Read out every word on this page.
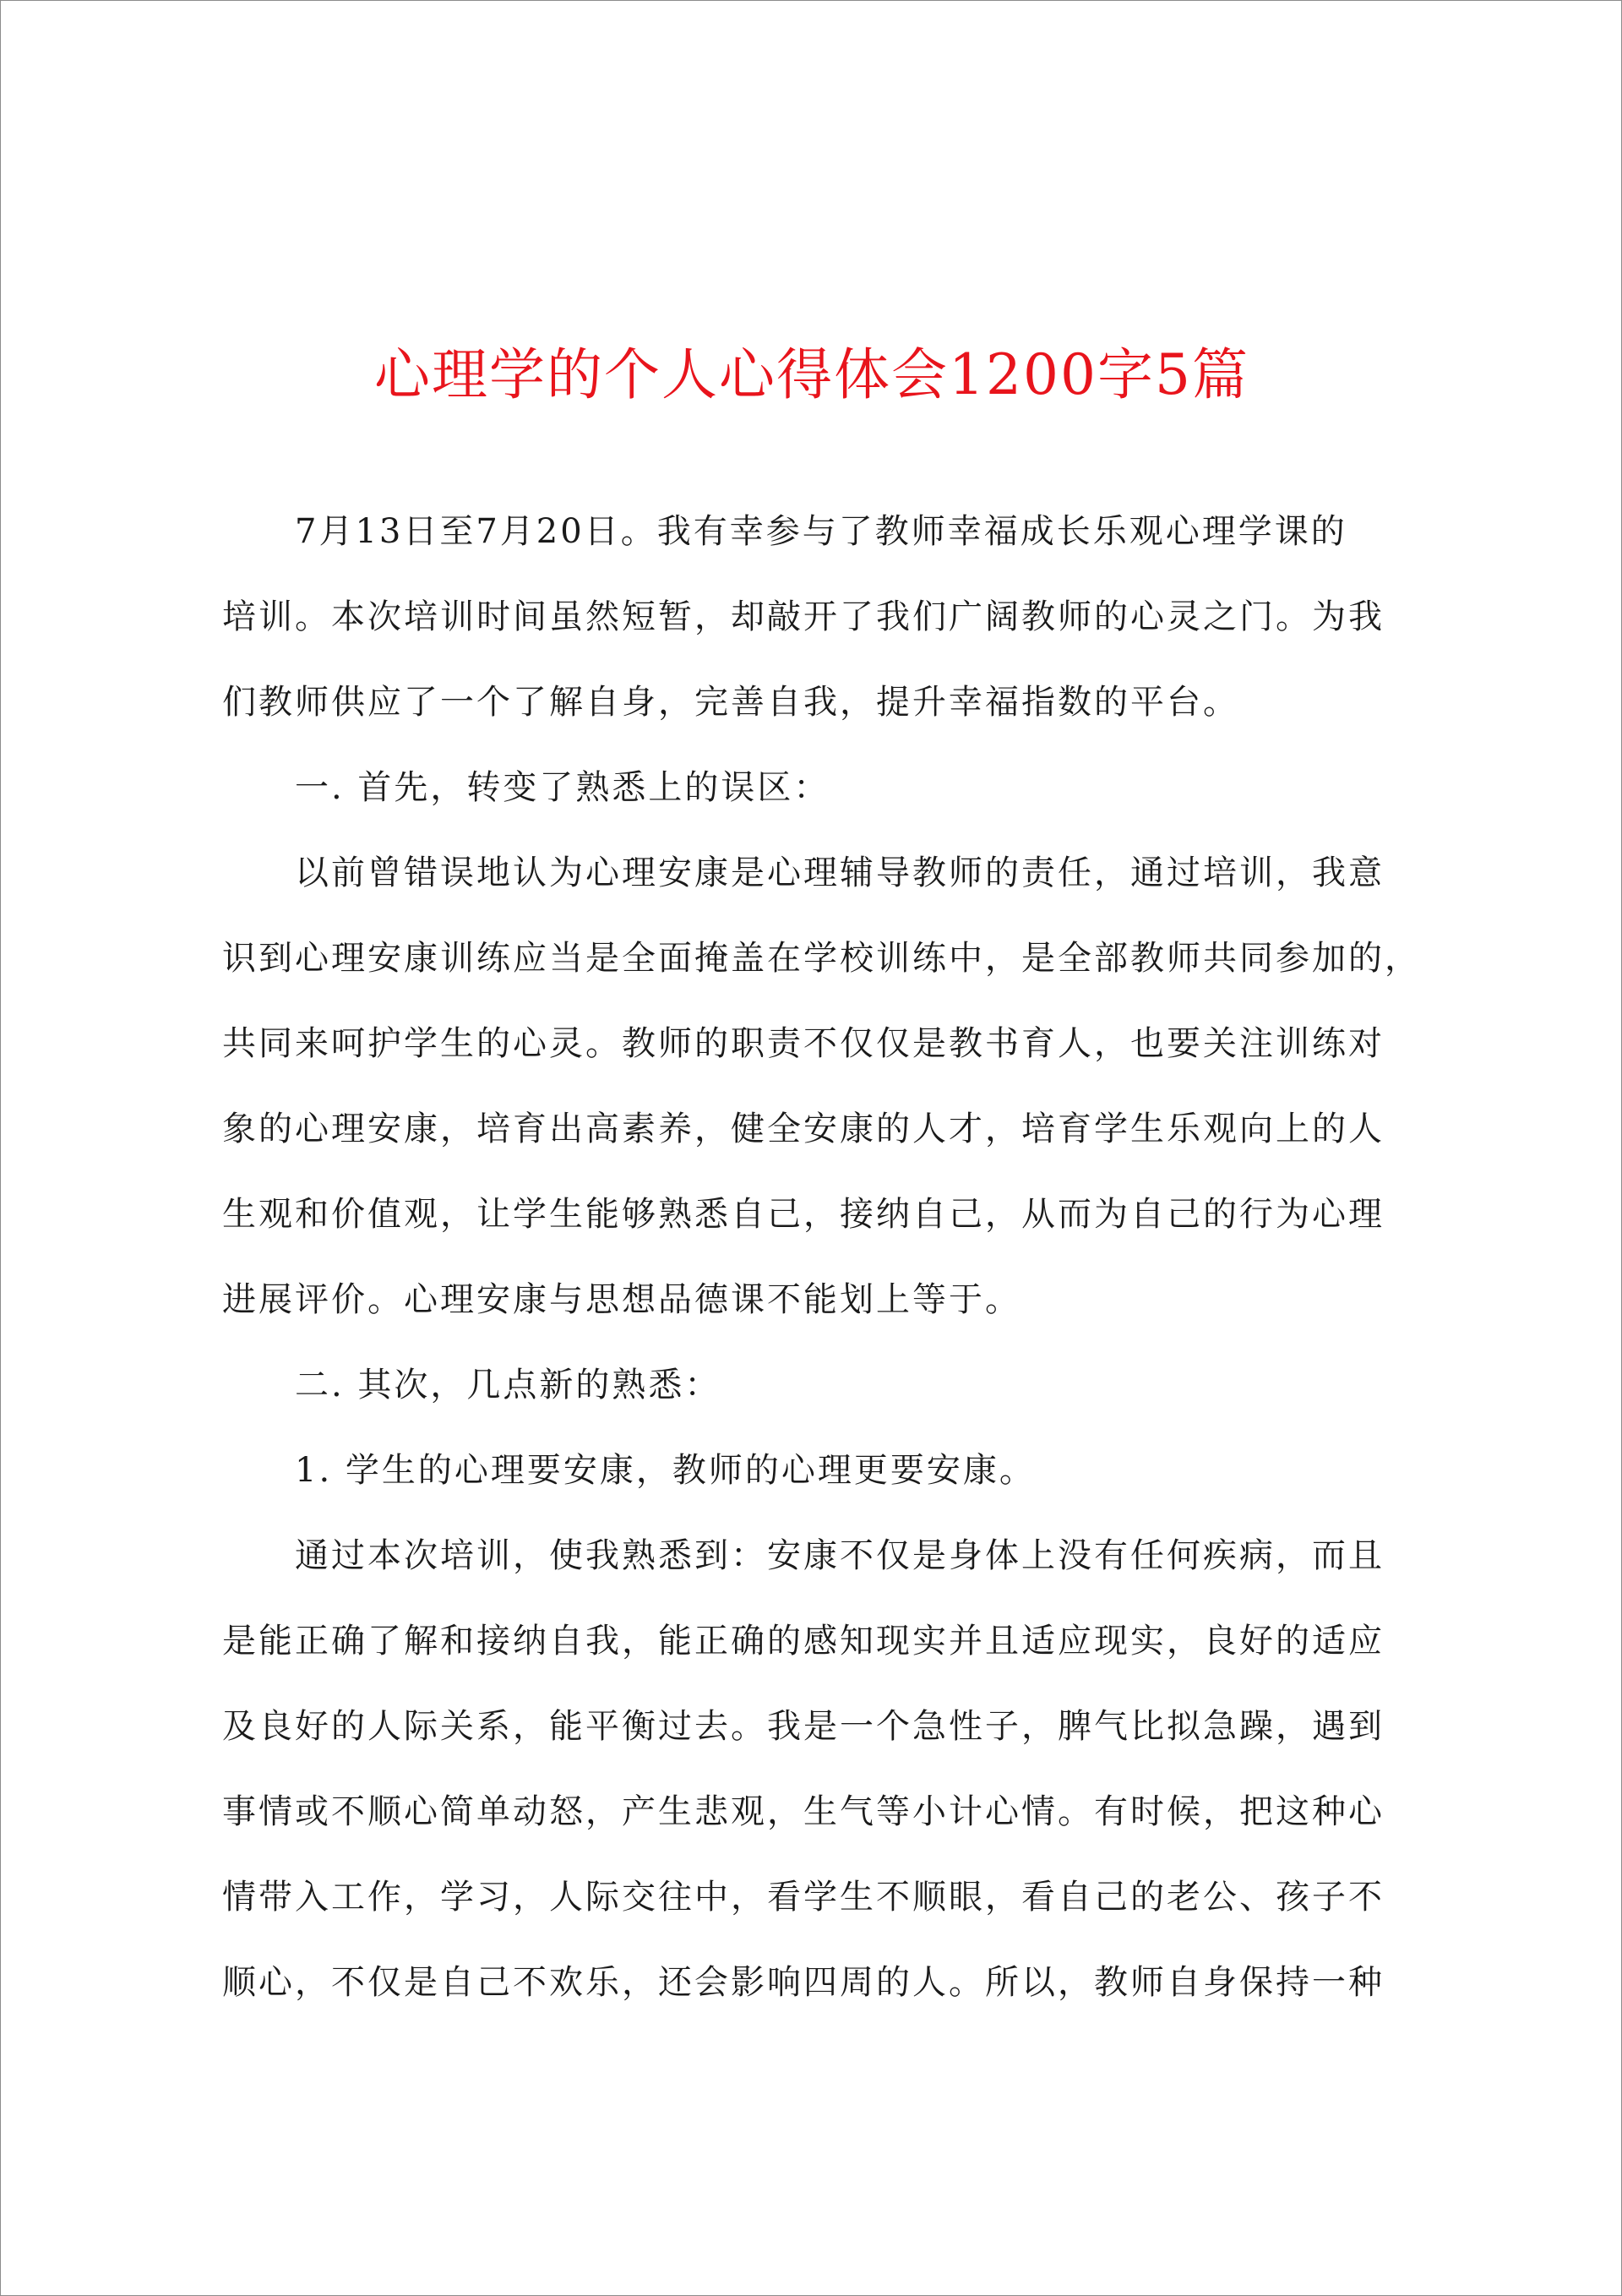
心理学的个人心得体会1200字5篇

7月13日至7月20日。我有幸参与了教师幸福成长乐观心理学课的

培训。本次培训时间虽然短暂，却敲开了我们广阔教师的心灵之门。为我

们教师供应了一个了解自身，完善自我，提升幸福指数的平台。

一. 首先，转变了熟悉上的误区：

以前曾错误地认为心理安康是心理辅导教师的责任，通过培训，我意

识到心理安康训练应当是全面掩盖在学校训练中，是全部教师共同参加的，

共同来呵护学生的心灵。教师的职责不仅仅是教书育人，也要关注训练对

象的心理安康，培育出高素养，健全安康的人才，培育学生乐观向上的人

生观和价值观，让学生能够熟悉自己，接纳自己，从而为自己的行为心理

进展评价。心理安康与思想品德课不能划上等于。

二. 其次，几点新的熟悉：

1. 学生的心理要安康，教师的心理更要安康。

通过本次培训，使我熟悉到：安康不仅是身体上没有任何疾病，而且

是能正确了解和接纳自我，能正确的感知现实并且适应现实，良好的适应

及良好的人际关系，能平衡过去。我是一个急性子，脾气比拟急躁，遇到

事情或不顺心简单动怒，产生悲观，生气等小计心情。有时候，把这种心

情带入工作，学习，人际交往中，看学生不顺眼，看自己的老公、孩子不

顺心，不仅是自己不欢乐，还会影响四周的人。所以，教师自身保持一种
